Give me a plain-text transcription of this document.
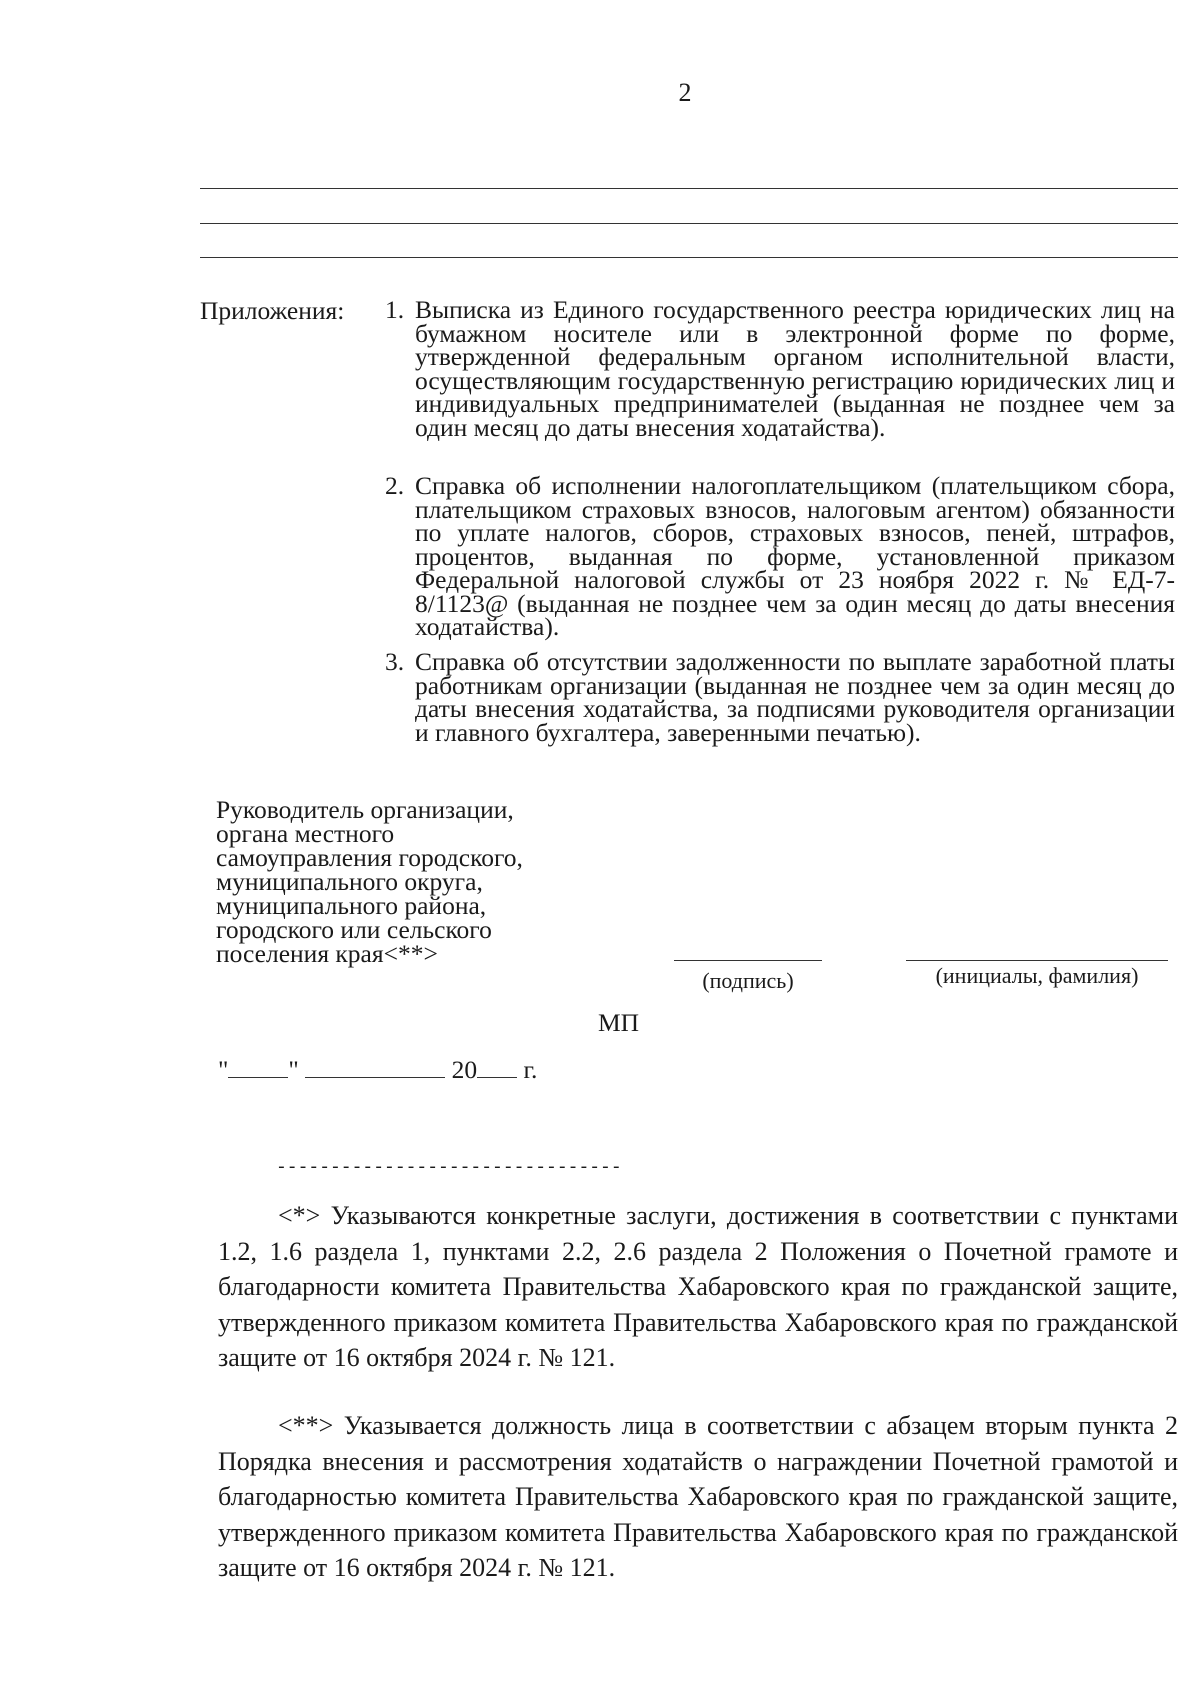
2
Приложения: 1. Выписка из Единого государственного реестра юридических лиц на бумажном носителе или в электронной форме по форме, утвержденной федеральным органом исполнительной власти, осуществляющим государственную регистрацию юридических лиц и индивидуальных предпринимателей (выданная не позднее чем за один месяц до даты внесения ходатайства).
2. Справка об исполнении налогоплательщиком (плательщиком сбора, плательщиком страховых взносов, налоговым агентом) обязанности по уплате налогов, сборов, страховых взносов, пеней, штрафов, процентов, выданная по форме, установленной приказом Федеральной налоговой службы от 23 ноября 2022 г. № ЕД-7-8/1123@ (выданная не позднее чем за один месяц до даты внесения ходатайства).
3. Справка об отсутствии задолженности по выплате заработной платы работникам организации (выданная не позднее чем за один месяц до даты внесения ходатайства, за подписями руководителя организации и главного бухгалтера, заверенными печатью).
Руководитель организации,
органа местного
самоуправления городского,
муниципального округа,
муниципального района,
городского или сельского
поселения края<**>
(подпись)	(инициалы, фамилия)
МП
" "	20 г.
--------------------------------
<*> Указываются конкретные заслуги, достижения в соответствии с пунктами 1.2, 1.6 раздела 1, пунктами 2.2, 2.6 раздела 2 Положения о Почетной грамоте и благодарности комитета Правительства Хабаровского края по гражданской защите, утвержденного приказом комитета Правительства Хабаровского края по гражданской защите от 16 октября 2024 г. № 121.
<**> Указывается должность лица в соответствии с абзацем вторым пункта 2 Порядка внесения и рассмотрения ходатайств о награждении Почетной грамотой и благодарностью комитета Правительства Хабаровского края по гражданской защите, утвержденного приказом комитета Правительства Хабаровского края по гражданской защите от 16 октября 2024 г. № 121.
